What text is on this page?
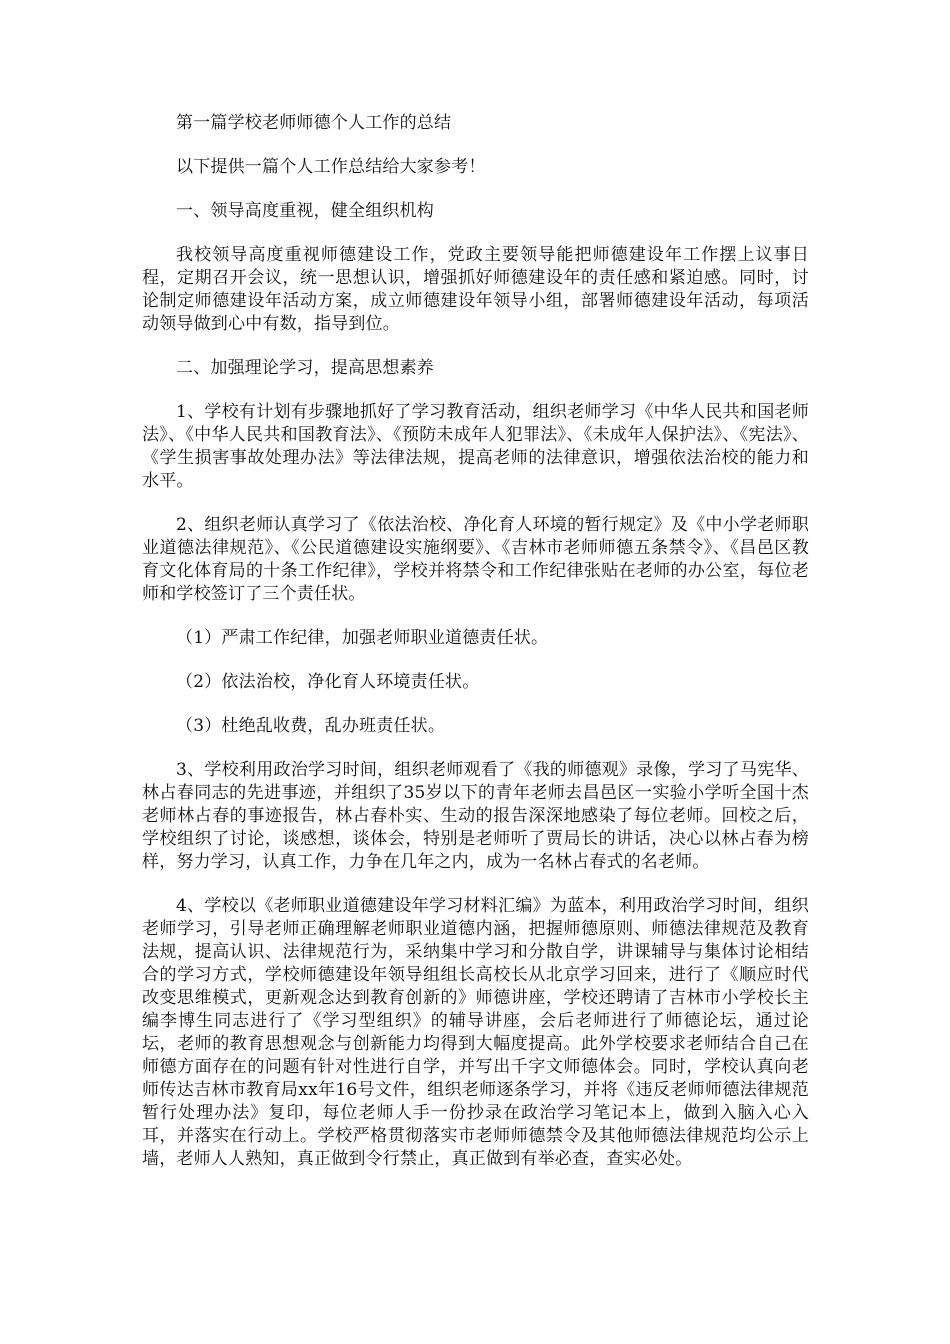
第一篇学校老师师德个人工作的总结

以下提供一篇个人工作总结给大家参考！

一、领导高度重视，健全组织机构

我校领导高度重视师德建设工作，党政主要领导能把师德建设年工作摆上议事日程，定期召开会议，统一思想认识，增强抓好师德建设年的责任感和紧迫感。同时，讨论制定师德建设年活动方案，成立师德建设年领导小组，部署师德建设年活动，每项活动领导做到心中有数，指导到位。

二、加强理论学习，提高思想素养

1、学校有计划有步骤地抓好了学习教育活动，组织老师学习《中华人民共和国老师法》、《中华人民共和国教育法》、《预防未成年人犯罪法》、《未成年人保护法》、《宪法》、《学生损害事故处理办法》等法律法规，提高老师的法律意识，增强依法治校的能力和水平。

2、组织老师认真学习了《依法治校、净化育人环境的暂行规定》及《中小学老师职业道德法律规范》、《公民道德建设实施纲要》、《吉林市老师师德五条禁令》、《昌邑区教育文化体育局的十条工作纪律》，学校并将禁令和工作纪律张贴在老师的办公室，每位老师和学校签订了三个责任状。

（1）严肃工作纪律，加强老师职业道德责任状。

（2）依法治校，净化育人环境责任状。

（3）杜绝乱收费，乱办班责任状。

3、学校利用政治学习时间，组织老师观看了《我的师德观》录像，学习了马宪华、林占春同志的先进事迹，并组织了35岁以下的青年老师去昌邑区一实验小学听全国十杰老师林占春的事迹报告，林占春朴实、生动的报告深深地感染了每位老师。回校之后，学校组织了讨论，谈感想，谈体会，特别是老师听了贾局长的讲话，决心以林占春为榜样，努力学习，认真工作，力争在几年之内，成为一名林占春式的名老师。

4、学校以《老师职业道德建设年学习材料汇编》为蓝本，利用政治学习时间，组织老师学习，引导老师正确理解老师职业道德内涵，把握师德原则、师德法律规范及教育法规，提高认识、法律规范行为，采纳集中学习和分散自学，讲课辅导与集体讨论相结合的学习方式，学校师德建设年领导组组长高校长从北京学习回来，进行了《顺应时代改变思维模式，更新观念达到教育创新的》师德讲座，学校还聘请了吉林市小学校长主编李博生同志进行了《学习型组织》的辅导讲座，会后老师进行了师德论坛，通过论坛，老师的教育思想观念与创新能力均得到大幅度提高。此外学校要求老师结合自己在师德方面存在的问题有针对性进行自学，并写出千字文师德体会。同时，学校认真向老师传达吉林市教育局xx年16号文件，组织老师逐条学习，并将《违反老师师德法律规范暂行处理办法》复印，每位老师人手一份抄录在政治学习笔记本上，做到入脑入心入耳，并落实在行动上。学校严格贯彻落实市老师师德禁令及其他师德法律规范均公示上墙，老师人人熟知，真正做到令行禁止，真正做到有举必查，查实必处。
